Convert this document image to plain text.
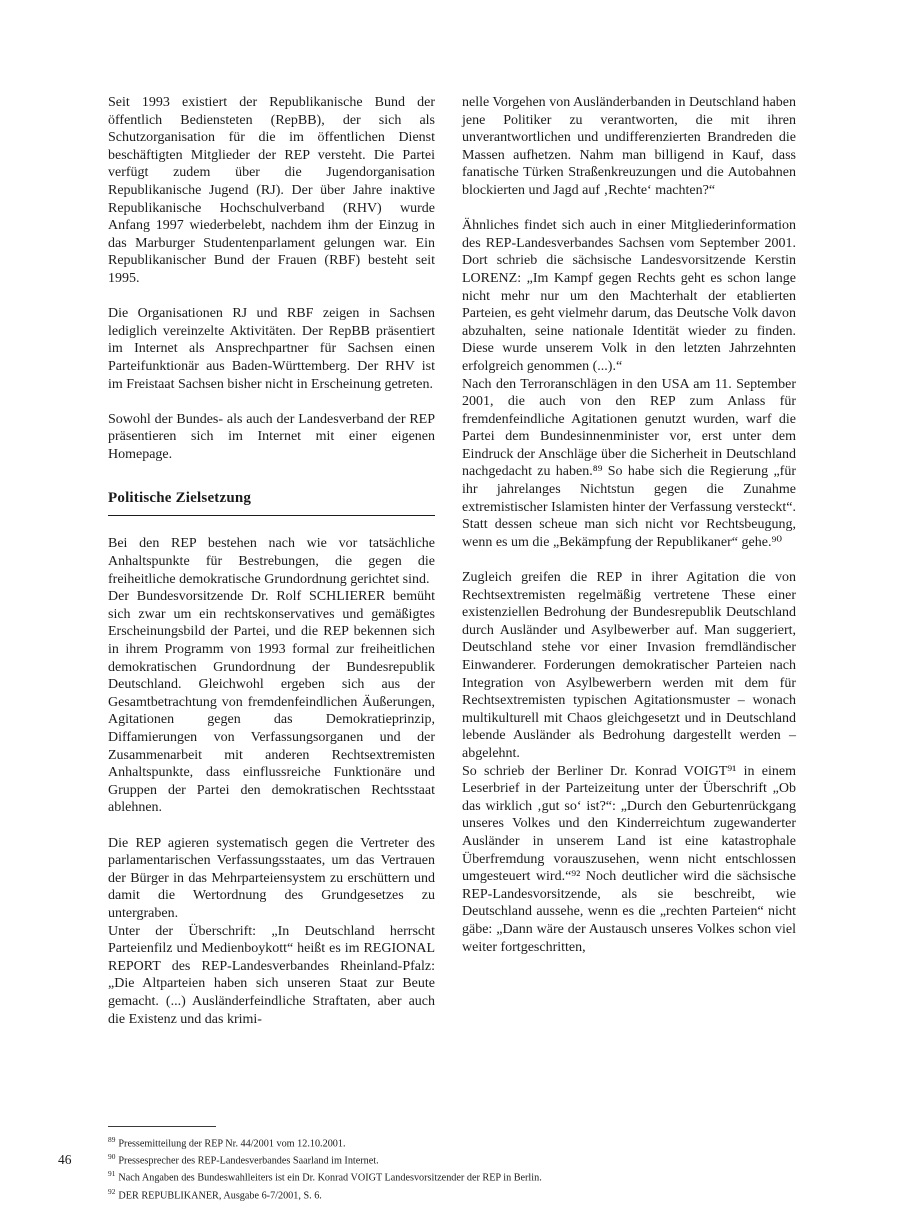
Seit 1993 existiert der Republikanische Bund der öffentlich Bediensteten (RepBB), der sich als Schutzorganisation für die im öffentlichen Dienst beschäftigten Mitglieder der REP versteht. Die Partei verfügt zudem über die Jugendorganisation Republikanische Jugend (RJ). Der über Jahre inaktive Republikanische Hochschulverband (RHV) wurde Anfang 1997 wiederbelebt, nachdem ihm der Einzug in das Marburger Studentenparlament gelungen war. Ein Republikanischer Bund der Frauen (RBF) besteht seit 1995.

Die Organisationen RJ und RBF zeigen in Sachsen lediglich vereinzelte Aktivitäten. Der RepBB präsentiert im Internet als Ansprechpartner für Sachsen einen Parteifunktionär aus Baden-Württemberg. Der RHV ist im Freistaat Sachsen bisher nicht in Erscheinung getreten.

Sowohl der Bundes- als auch der Landesverband der REP präsentieren sich im Internet mit einer eigenen Homepage.

Politische Zielsetzung

Bei den REP bestehen nach wie vor tatsächliche Anhaltspunkte für Bestrebungen, die gegen die freiheitliche demokratische Grundordnung gerichtet sind.

Der Bundesvorsitzende Dr. Rolf SCHLIERER bemüht sich zwar um ein rechtskonservatives und gemäßigtes Erscheinungsbild der Partei, und die REP bekennen sich in ihrem Programm von 1993 formal zur freiheitlichen demokratischen Grundordnung der Bundesrepublik Deutschland. Gleichwohl ergeben sich aus der Gesamtbetrachtung von fremdenfeindlichen Äußerungen, Agitationen gegen das Demokratieprinzip, Diffamierungen von Verfassungsorganen und der Zusammenarbeit mit anderen Rechtsextremisten Anhaltspunkte, dass einflussreiche Funktionäre und Gruppen der Partei den demokratischen Rechtsstaat ablehnen.

Die REP agieren systematisch gegen die Vertreter des parlamentarischen Verfassungsstaates, um das Vertrauen der Bürger in das Mehrparteiensystem zu erschüttern und damit die Wertordnung des Grundgesetzes zu untergraben.

Unter der Überschrift: „In Deutschland herrscht Parteienfilz und Medienboykott“ heißt es im REGIONAL REPORT des REP-Landesverbandes Rheinland-Pfalz: „Die Altparteien haben sich unseren Staat zur Beute gemacht. (...) Ausländerfeindliche Straftaten, aber auch die Existenz und das krimi-

nelle Vorgehen von Ausländerbanden in Deutschland haben jene Politiker zu verantworten, die mit ihren unverantwortlichen und undifferenzierten Brandreden die Massen aufhetzen. Nahm man billigend in Kauf, dass fanatische Türken Straßenkreuzungen und die Autobahnen blockierten und Jagd auf ‚Rechte‘ machten?“

Ähnliches findet sich auch in einer Mitgliederinformation des REP-Landesverbandes Sachsen vom September 2001. Dort schrieb die sächsische Landesvorsitzende Kerstin LORENZ: „Im Kampf gegen Rechts geht es schon lange nicht mehr nur um den Machterhalt der etablierten Parteien, es geht vielmehr darum, das Deutsche Volk davon abzuhalten, seine nationale Identität wieder zu finden. Diese wurde unserem Volk in den letzten Jahrzehnten erfolgreich genommen (...).“

Nach den Terroranschlägen in den USA am 11. September 2001, die auch von den REP zum Anlass für fremdenfeindliche Agitationen genutzt wurden, warf die Partei dem Bundesinnenminister vor, erst unter dem Eindruck der Anschläge über die Sicherheit in Deutschland nachgedacht zu haben.⁸⁹ So habe sich die Regierung „für ihr jahrelanges Nichtstun gegen die Zunahme extremistischer Islamisten hinter der Verfassung versteckt“. Statt dessen scheue man sich nicht vor Rechtsbeugung, wenn es um die „Bekämpfung der Republikaner“ gehe.⁹⁰

Zugleich greifen die REP in ihrer Agitation die von Rechtsextremisten regelmäßig vertretene These einer existenziellen Bedrohung der Bundesrepublik Deutschland durch Ausländer und Asylbewerber auf. Man suggeriert, Deutschland stehe vor einer Invasion fremdländischer Einwanderer. Forderungen demokratischer Parteien nach Integration von Asylbewerbern werden mit dem für Rechtsextremisten typischen Agitationsmuster – wonach multikulturell mit Chaos gleichgesetzt und in Deutschland lebende Ausländer als Bedrohung dargestellt werden – abgelehnt.

So schrieb der Berliner Dr. Konrad VOIGT⁹¹ in einem Leserbrief in der Parteizeitung unter der Überschrift „Ob das wirklich ‚gut so‘ ist?“: „Durch den Geburtenrückgang unseres Volkes und den Kinderreichtum zugewanderter Ausländer in unserem Land ist eine katastrophale Überfremdung vorauszusehen, wenn nicht entschlossen umgesteuert wird.“⁹² Noch deutlicher wird die sächsische REP-Landesvorsitzende, als sie beschreibt, wie Deutschland aussehe, wenn es die „rechten Parteien“ nicht gäbe: „Dann wäre der Austausch unseres Volkes schon viel weiter fortgeschritten,

$^{89}$ Pressemitteilung der REP Nr. 44/2001 vom 12.10.2001.
$^{90}$ Pressesprecher des REP-Landesverbandes Saarland im Internet.
$^{91}$ Nach Angaben des Bundeswahlleiters ist ein Dr. Konrad VOIGT Landesvorsitzender der REP in Berlin.
$^{92}$ DER REPUBLIKANER, Ausgabe 6-7/2001, S. 6.
46
